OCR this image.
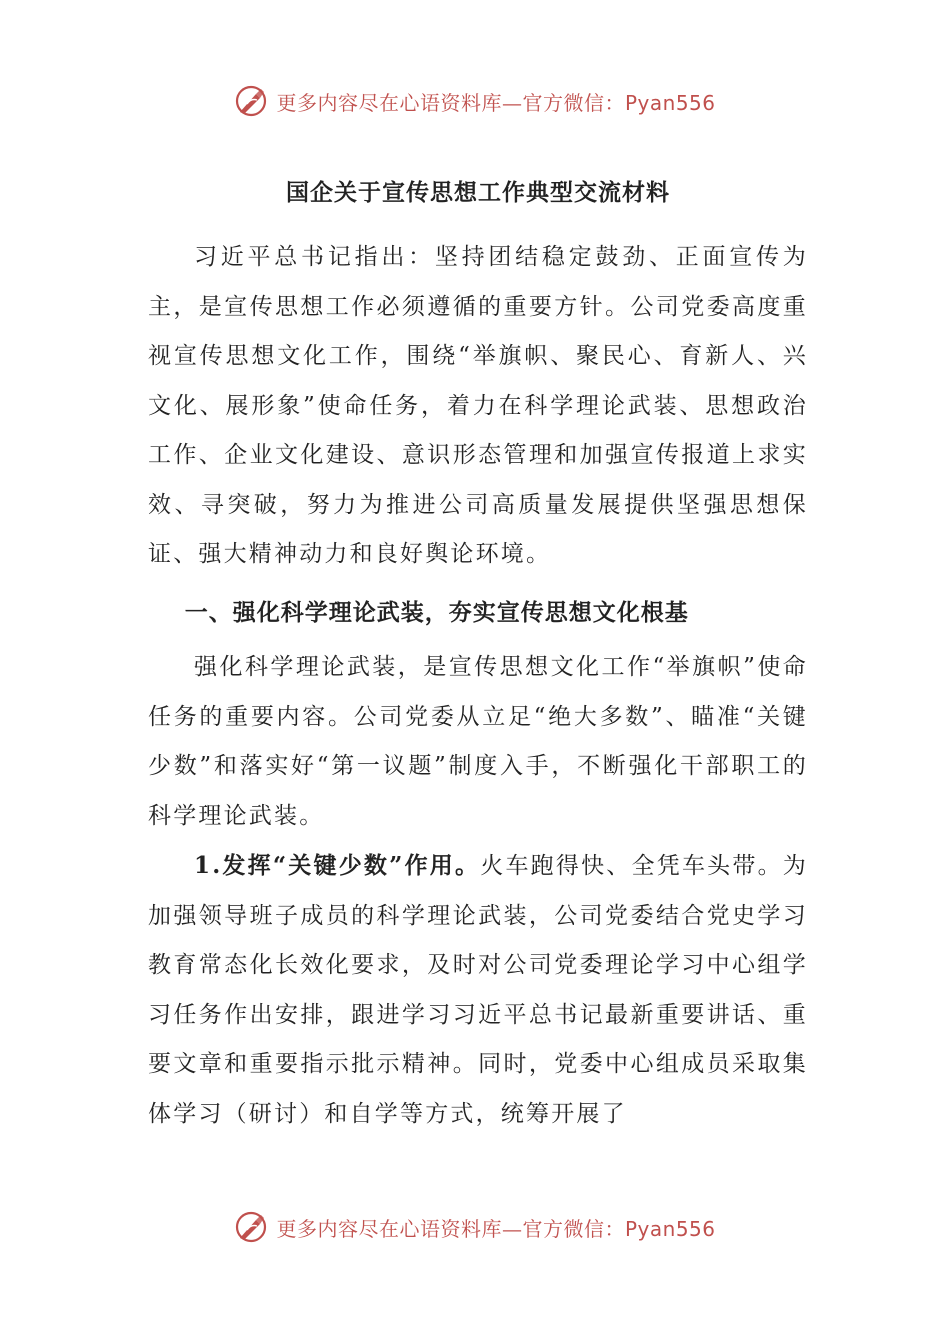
更多内容尽在心语资料库—官方微信：Pyan556
国企关于宣传思想工作典型交流材料

习近平总书记指出：坚持团结稳定鼓劲、正面宣传为主，是宣传思想工作必须遵循的重要方针。公司党委高度重视宣传思想文化工作，围绕“举旗帜、聚民心、育新人、兴文化、展形象”使命任务，着力在科学理论武装、思想政治工作、企业文化建设、意识形态管理和加强宣传报道上求实效、寻突破，努力为推进公司高质量发展提供坚强思想保证、强大精神动力和良好舆论环境。

一、强化科学理论武装，夯实宣传思想文化根基

强化科学理论武装，是宣传思想文化工作“举旗帜”使命任务的重要内容。公司党委从立足“绝大多数”、瞄准“关键少数”和落实好“第一议题”制度入手，不断强化干部职工的科学理论武装。

1.发挥“关键少数”作用。火车跑得快、全凭车头带。为加强领导班子成员的科学理论武装，公司党委结合党史学习教育常态化长效化要求，及时对公司党委理论学习中心组学习任务作出安排，跟进学习习近平总书记最新重要讲话、重要文章和重要指示批示精神。同时，党委中心组成员采取集体学习（研讨）和自学等方式，统筹开展了

更多内容尽在心语资料库—官方微信：Pyan556
